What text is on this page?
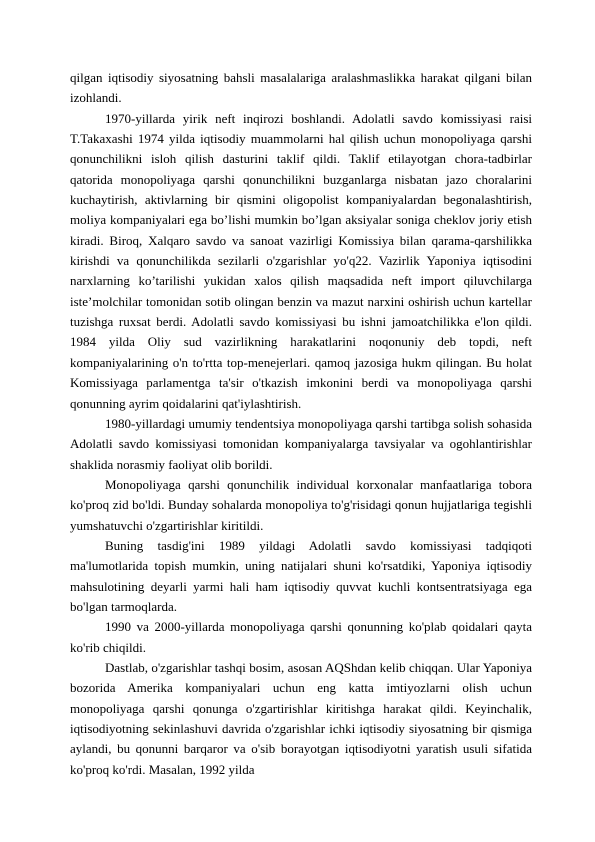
qilgan iqtisodiy siyosatning bahsli masalalariga aralashmaslikka harakat qilgani bilan izohlandi.

1970-yillarda yirik neft inqirozi boshlandi. Adolatli savdo komissiyasi raisi T.Takaxashi 1974 yilda iqtisodiy muammolarni hal qilish uchun monopoliyaga qarshi qonunchilikni isloh qilish dasturini taklif qildi. Taklif etilayotgan chora-tadbirlar qatorida monopoliyaga qarshi qonunchilikni buzganlarga nisbatan jazo choralarini kuchaytirish, aktivlarning bir qismini oligopolist kompaniyalardan begonalashtirish, moliya kompaniyalari ega bo’lishi mumkin bo’lgan aksiyalar soniga cheklov joriy etish kiradi. Biroq, Xalqaro savdo va sanoat vazirligi Komissiya bilan qarama-qarshilikka kirishdi va qonunchilikda sezilarli o'zgarishlar yo'q22. Vazirlik Yaponiya iqtisodini narxlarning ko’tarilishi yukidan xalos qilish maqsadida neft import qiluvchilarga iste’molchilar tomonidan sotib olingan benzin va mazut narxini oshirish uchun kartellar tuzishga ruxsat berdi. Adolatli savdo komissiyasi bu ishni jamoatchilikka e'lon qildi. 1984 yilda Oliy sud vazirlikning harakatlarini noqonuniy deb topdi, neft kompaniyalarining o'n to'rtta top-menejerlari. qamoq jazosiga hukm qilingan. Bu holat Komissiyaga parlamentga ta'sir o'tkazish imkonini berdi va monopoliyaga qarshi qonunning ayrim qoidalarini qat'iylashtirish.

1980-yillardagi umumiy tendentsiya monopoliyaga qarshi tartibga solish sohasida Adolatli savdo komissiyasi tomonidan kompaniyalarga tavsiyalar va ogohlantirishlar shaklida norasmiy faoliyat olib borildi.

Monopoliyaga qarshi qonunchilik individual korxonalar manfaatlariga tobora ko'proq zid bo'ldi. Bunday sohalarda monopoliya to'g'risidagi qonun hujjatlariga tegishli yumshatuvchi o'zgartirishlar kiritildi.

Buning tasdig'ini 1989 yildagi Adolatli savdo komissiyasi tadqiqoti ma'lumotlarida topish mumkin, uning natijalari shuni ko'rsatdiki, Yaponiya iqtisodiy mahsulotining deyarli yarmi hali ham iqtisodiy quvvat kuchli kontsentratsiyaga ega bo'lgan tarmoqlarda.

1990 va 2000-yillarda monopoliyaga qarshi qonunning ko'plab qoidalari qayta ko'rib chiqildi.

Dastlab, o'zgarishlar tashqi bosim, asosan AQShdan kelib chiqqan. Ular Yaponiya bozorida Amerika kompaniyalari uchun eng katta imtiyozlarni olish uchun monopoliyaga qarshi qonunga o'zgartirishlar kiritishga harakat qildi. Keyinchalik, iqtisodiyotning sekinlashuvi davrida o'zgarishlar ichki iqtisodiy siyosatning bir qismiga aylandi, bu qonunni barqaror va o'sib borayotgan iqtisodiyotni yaratish usuli sifatida ko'proq ko'rdi. Masalan, 1992 yilda
